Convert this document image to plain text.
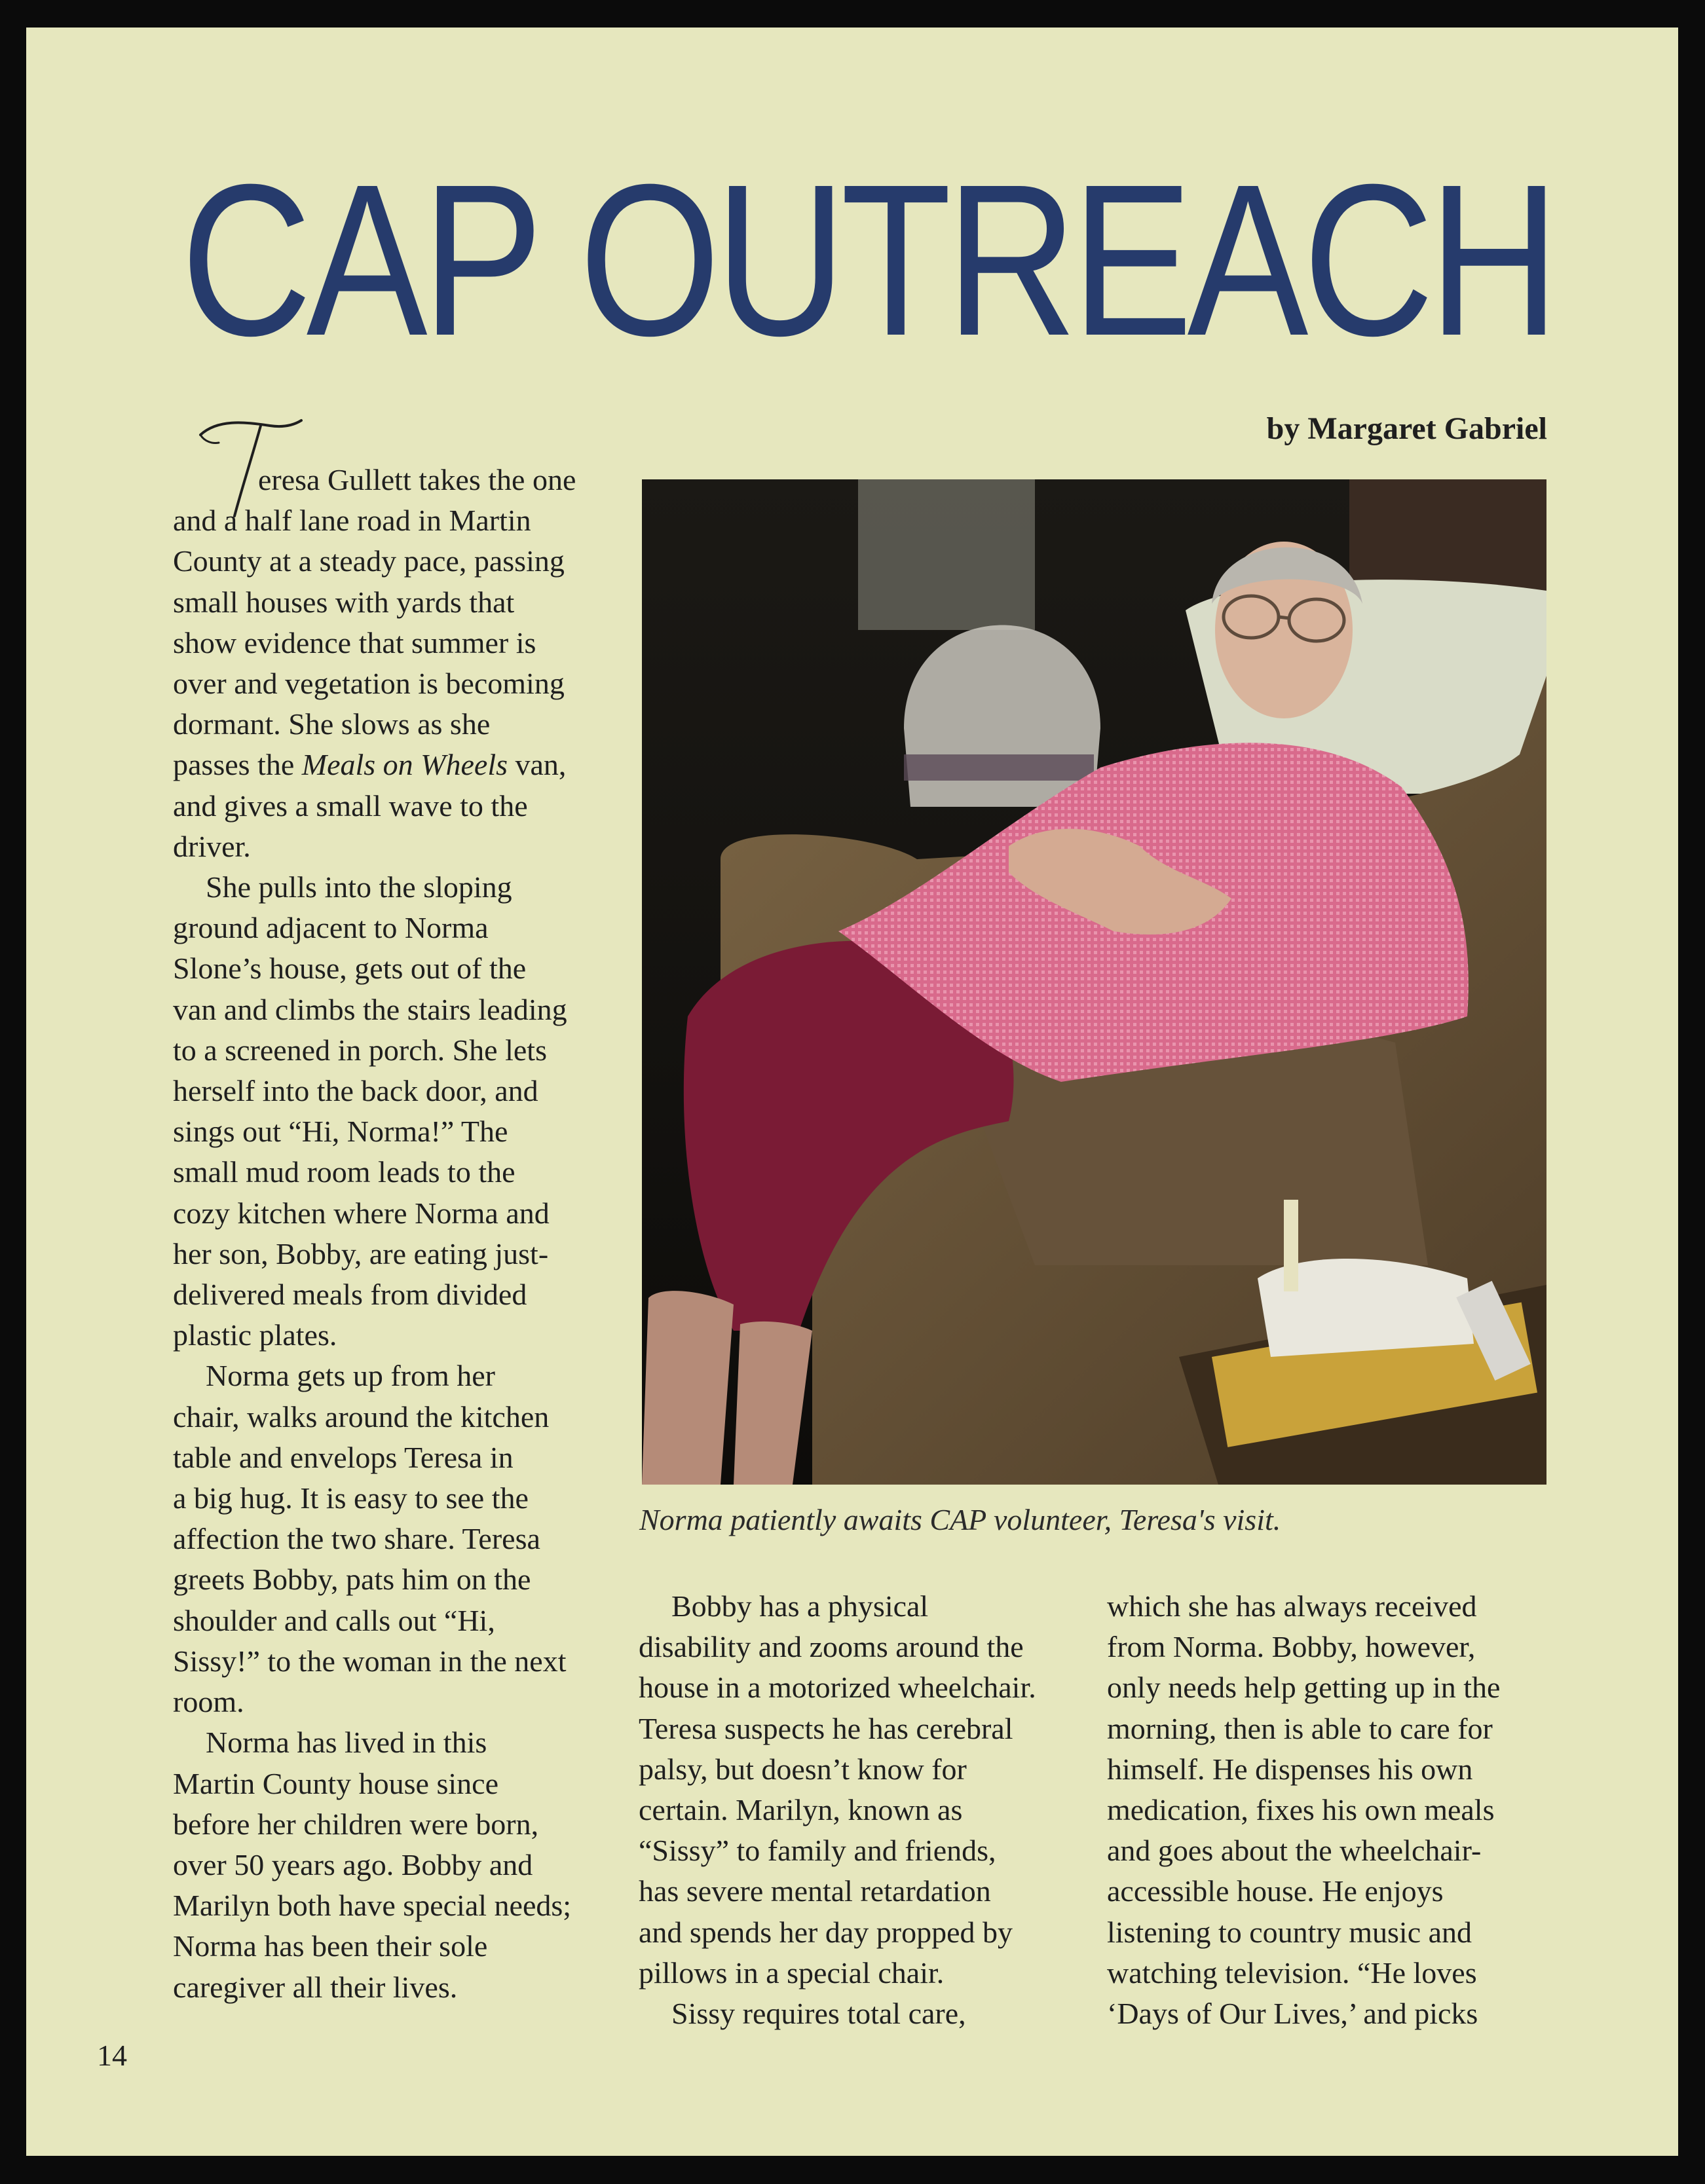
CAP OUTREACH
by Margaret Gabriel

eresa Gullett takes the one

and a half lane road in Martin

County at a steady pace, passing

small houses with yards that

show evidence that summer is

over and vegetation is becoming

dormant. She slows as she

passes the Meals on Wheels van,

and gives a small wave to the

driver.

She pulls into the sloping

ground adjacent to Norma

Slone’s house, gets out of the

van and climbs the stairs leading

to a screened in porch. She lets

herself into the back door, and

sings out “Hi, Norma!” The

small mud room leads to the

cozy kitchen where Norma and

her son, Bobby, are eating just-

delivered meals from divided

plastic plates.

Norma gets up from her

chair, walks around the kitchen

table and envelops Teresa in

a big hug. It is easy to see the

affection the two share. Teresa

greets Bobby, pats him on the

shoulder and calls out “Hi,

Sissy!” to the woman in the next

room.

Norma has lived in this

Martin County house since

before her children were born,

over 50 years ago. Bobby and

Marilyn both have special needs;

Norma has been their sole

caregiver all their lives.

Norma patiently awaits CAP volunteer, Teresa's visit.

Bobby has a physical

disability and zooms around the

house in a motorized wheelchair.

Teresa suspects he has cerebral

palsy, but doesn’t know for

certain. Marilyn, known as

“Sissy” to family and friends,

has severe mental retardation

and spends her day propped by

pillows in a special chair.

Sissy requires total care,

which she has always received

from Norma. Bobby, however,

only needs help getting up in the

morning, then is able to care for

himself. He dispenses his own

medication, fixes his own meals

and goes about the wheelchair-

accessible house. He enjoys

listening to country music and

watching television. “He loves

‘Days of Our Lives,’ and picks

14
